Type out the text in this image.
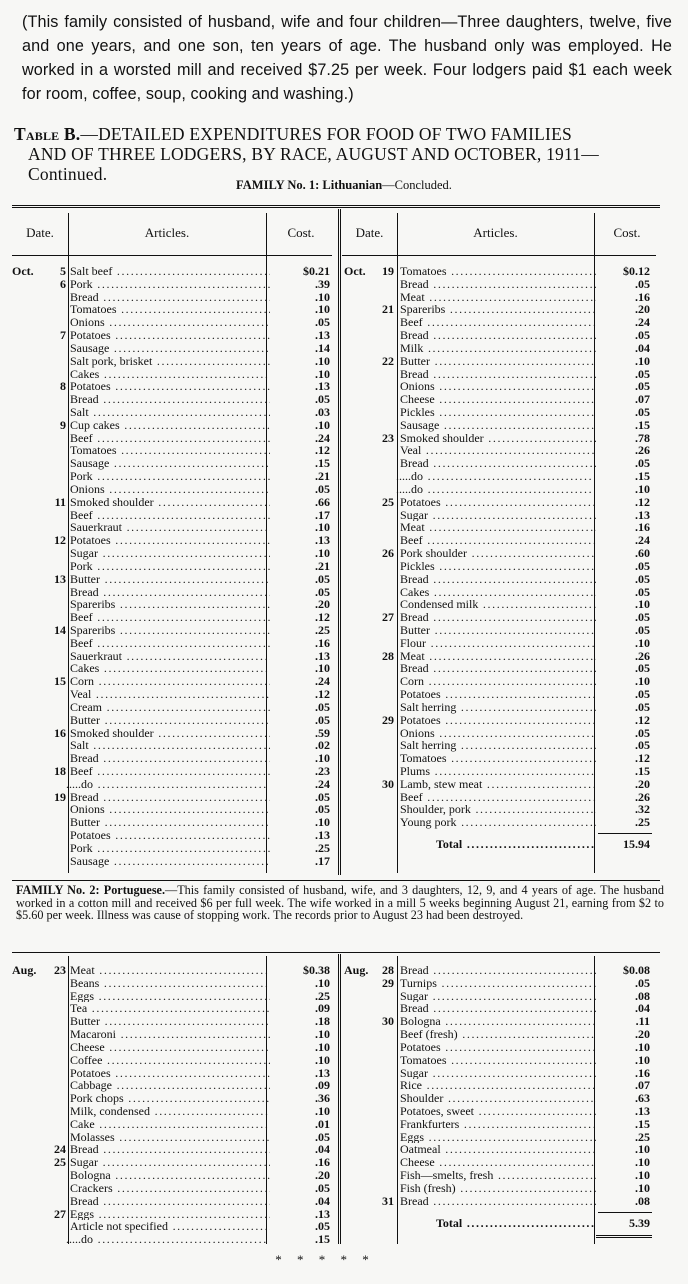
(This family consisted of husband, wife and four children—Three daughters, twelve, five and one years, and one son, ten years of age. The husband only was employed. He worked in a worsted mill and received $7.25 per week. Four lodgers paid $1 each week for room, coffee, soup, cooking and washing.)
Table B.—DETAILED EXPENDITURES FOR FOOD OF TWO FAMILIES
AND OF THREE LODGERS, BY RACE, AUGUST AND OCTOBER, 1911—
Continued.
FAMILY No. 1: Lithuanian—Concluded.
Date.	Articles.	Cost.
Oct.	5 Salt beef .....	$0.21
6 Pork .....	.39
Bread .....	.10
Tomatoes .....	.10
Onions .....	.05
7 Potatoes .....	.13
Sausage .....	.14
Salt pork, brisket .....	.10
Cakes .....	.10
8 Potatoes .....	.13
Bread .....	.05
Salt .....	.03
9 Cup cakes .....	.10
Beef .....	.24
Tomatoes .....	.12
Sausage .....	.15
Pork .....	.21
Onions .....	.05
11 Smoked shoulder .....	.66
Beef .....	.17
Sauerkraut .....	.10
12 Potatoes .....	.13
Sugar .....	.10
Pork .....	.21
13 Butter .....	.05
Bread .....	.05
Spareribs .....	.20
Beef .....	.12
14 Spareribs .....	.25
Beef .....	.16
Sauerkraut .....	.13
Cakes .....	.10
15 Corn .....	.24
Veal .....	.12
Cream .....	.05
Butter .....	.05
16 Smoked shoulder .....	.59
Salt .....	.02
Bread .....	.10
18 Beef .....	.23
.....do .....	.24
19 Bread .....	.05
Onions .....	.05
Butter .....	.10
Potatoes .....	.13
Pork .....	.25
Sausage .....	.17
Date.	Articles.	Cost.
Oct.	19 Tomatoes .....	$0.12
Bread .....	.05
Meat .....	.16
21 Spareribs .....	.20
Beef .....	.24
Bread .....	.05
Milk .....	.04
22 Butter .....	.10
Bread .....	.05
Onions .....	.05
Cheese .....	.07
Pickles .....	.05
Sausage .....	.15
23 Smoked shoulder .....	.78
Veal .....	.26
Bread .....	.05
.....do .....	.15
.....do .....	.10
25 Potatoes .....	.12
Sugar .....	.13
Meat .....	.16
Beef .....	.24
26 Pork shoulder .....	.60
Pickles .....	.05
Bread .....	.05
Cakes .....	.05
Condensed milk .....	.10
27 Bread .....	.05
Butter .....	.05
Flour .....	.10
28 Meat .....	.26
Bread .....	.05
Corn .....	.10
Potatoes .....	.05
Salt herring .....	.05
29 Potatoes .....	.12
Onions .....	.05
Salt herring .....	.05
Tomatoes .....	.12
Plums .....	.15
30 Lamb, stew meat .....	.20
Beef .....	.26
Shoulder, pork .....	.32
Young pork .....	.25
Total .....	15.94
FAMILY No. 2: Portuguese.—This family consisted of husband, wife, and 3 daughters, 12, 9, and 4 years of age. The husband worked in a cotton mill and received $6 per full week. The wife worked in a mill 5 weeks beginning August 21, earning from $2 to $5.60 per week. Illness was cause of stopping work. The records prior to August 23 had been destroyed.
Aug.	23 Meat .....	$0.38
Beans .....	.10
Eggs .....	.25
Tea .....	.09
Butter .....	.18
Macaroni .....	.10
Cheese .....	.10
Coffee .....	.10
Potatoes .....	.13
Cabbage .....	.09
Pork chops .....	.36
Milk, condensed .....	.10
Cake .....	.01
Molasses .....	.05
24 Bread .....	.04
25 Sugar .....	.16
Bologna .....	.20
Crackers .....	.05
Bread .....	.04
27 Eggs .....	.13
Article not specified .....	.05
.....do .....	.15
Aug.	28 Bread .....	$0.08
29 Turnips .....	.05
Sugar .....	.08
Bread .....	.04
30 Bologna .....	.11
Beef (fresh) .....	.20
Potatoes .....	.10
Tomatoes .....	.10
Sugar .....	.16
Rice .....	.07
Shoulder .....	.63
Potatoes, sweet .....	.13
Frankfurters .....	.15
Eggs .....	.25
Oatmeal .....	.10
Cheese .....	.10
Fish—smelts, fresh .....	.10
Fish (fresh) .....	.10
31 Bread .....	.08
Total .....	5.39
* * * * *
